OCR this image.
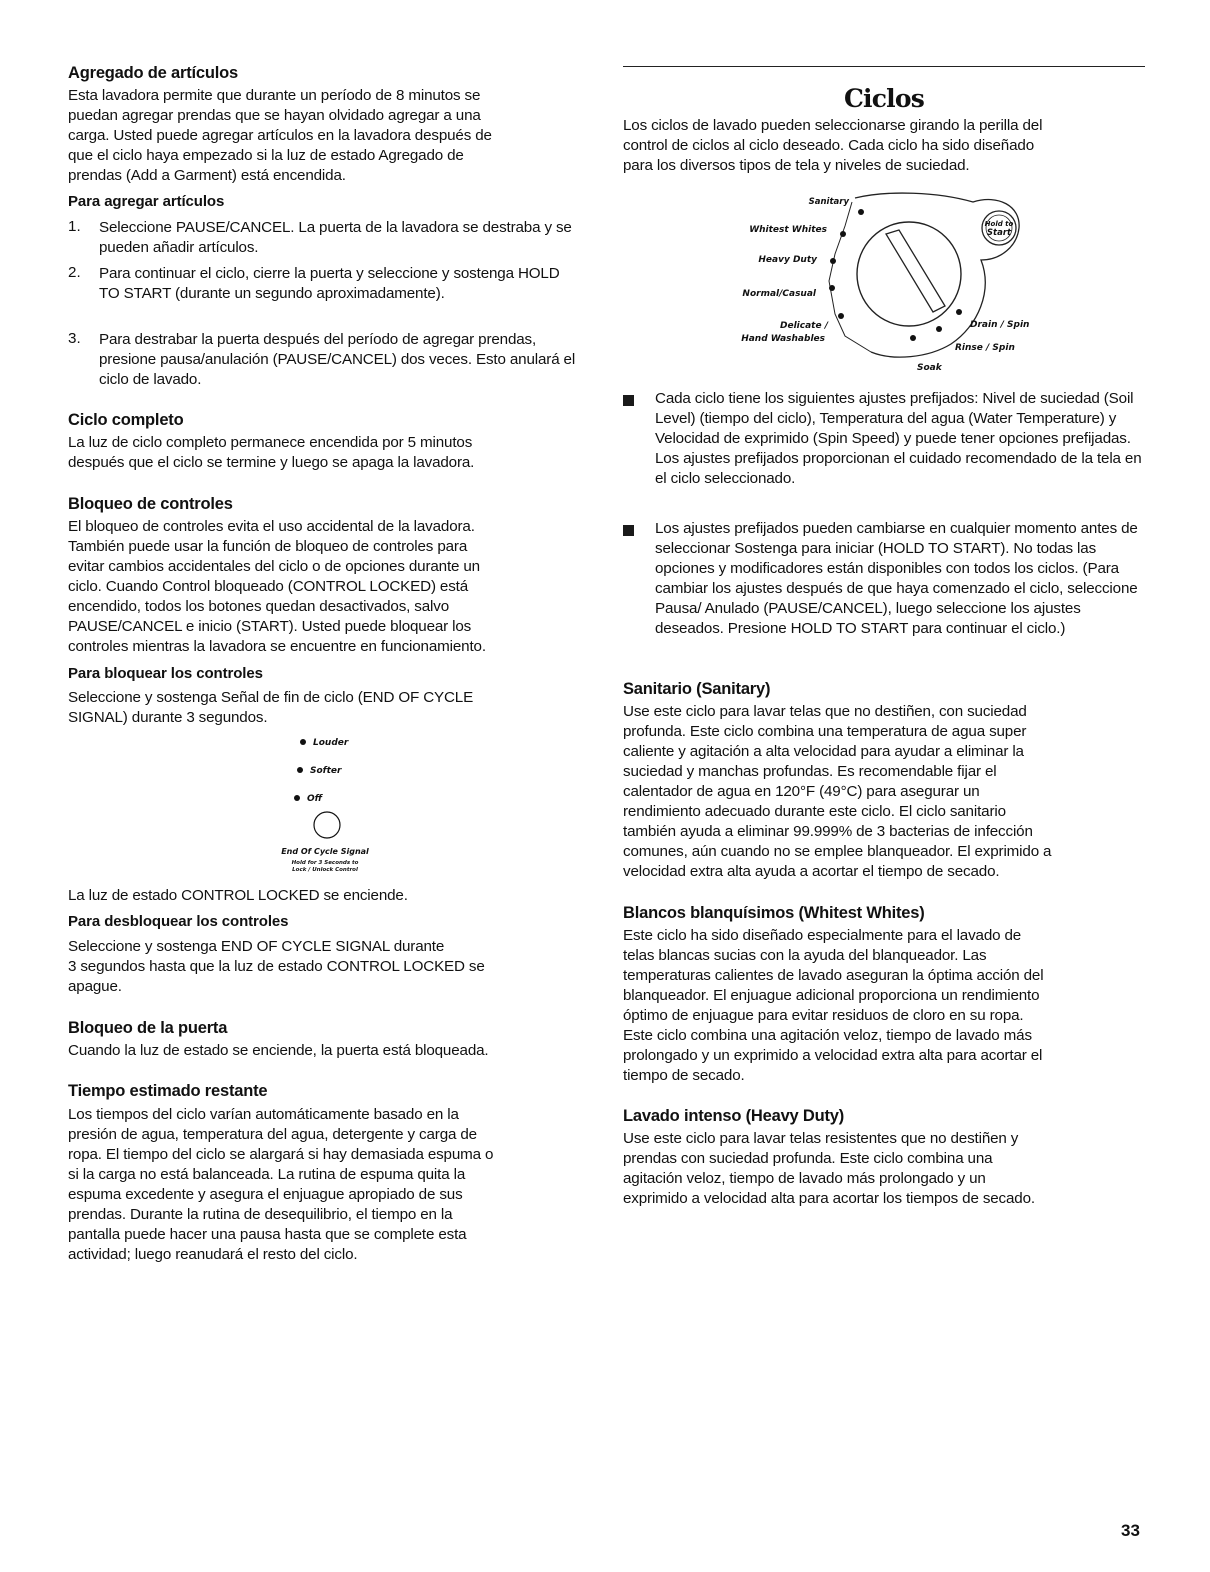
Agregado de artículos
Esta lavadora permite que durante un período de 8 minutos se
puedan agregar prendas que se hayan olvidado agregar a una
carga. Usted puede agregar artículos en la lavadora después de
que el ciclo haya empezado si la luz de estado Agregado de
prendas (Add a Garment) está encendida.
Para agregar artículos
1. Seleccione PAUSE/CANCEL. La puerta de la lavadora se destraba y se pueden añadir artículos.
2. Para continuar el ciclo, cierre la puerta y seleccione y sostenga HOLD TO START (durante un segundo aproximadamente).
3. Para destrabar la puerta después del período de agregar prendas, presione pausa/anulación (PAUSE/CANCEL) dos veces. Esto anulará el ciclo de lavado.
Ciclo completo
La luz de ciclo completo permanece encendida por 5 minutos
después que el ciclo se termine y luego se apaga la lavadora.
Bloqueo de controles
El bloqueo de controles evita el uso accidental de la lavadora.
También puede usar la función de bloqueo de controles para
evitar cambios accidentales del ciclo o de opciones durante un
ciclo. Cuando Control bloqueado (CONTROL LOCKED) está
encendido, todos los botones quedan desactivados, salvo
PAUSE/CANCEL e inicio (START). Usted puede bloquear los
controles mientras la lavadora se encuentre en funcionamiento.
Para bloquear los controles
Seleccione y sostenga Señal de fin de ciclo (END OF CYCLE
SIGNAL) durante 3 segundos.
Louder
Softer
Off
End Of Cycle Signal
Hold for 3 Seconds to
Lock / Unlock Control
La luz de estado CONTROL LOCKED se enciende.
Para desbloquear los controles
Seleccione y sostenga END OF CYCLE SIGNAL durante
3 segundos hasta que la luz de estado CONTROL LOCKED se
apague.
Bloqueo de la puerta
Cuando la luz de estado se enciende, la puerta está bloqueada.
Tiempo estimado restante
Los tiempos del ciclo varían automáticamente basado en la
presión de agua, temperatura del agua, detergente y carga de
ropa. El tiempo del ciclo se alargará si hay demasiada espuma o
si la carga no está balanceada. La rutina de espuma quita la
espuma excedente y asegura el enjuague apropiado de sus
prendas. Durante la rutina de desequilibrio, el tiempo en la
pantalla puede hacer una pausa hasta que se complete esta
actividad; luego reanudará el resto del ciclo.
Ciclos
Los ciclos de lavado pueden seleccionarse girando la perilla del
control de ciclos al ciclo deseado. Cada ciclo ha sido diseñado
para los diversos tipos de tela y niveles de suciedad.
Hold to
Start
Sanitary
Whitest Whites
Heavy Duty
Normal/Casual
Delicate /
Hand Washables
Drain / Spin
Rinse / Spin
Soak
Cada ciclo tiene los siguientes ajustes prefijados: Nivel de suciedad (Soil Level) (tiempo del ciclo), Temperatura del agua (Water Temperature) y Velocidad de exprimido (Spin Speed) y puede tener opciones prefijadas. Los ajustes prefijados proporcionan el cuidado recomendado de la tela en el ciclo seleccionado.
Los ajustes prefijados pueden cambiarse en cualquier momento antes de seleccionar Sostenga para iniciar (HOLD TO START). No todas las opciones y modificadores están disponibles con todos los ciclos. (Para cambiar los ajustes después de que haya comenzado el ciclo, seleccione Pausa/ Anulado (PAUSE/CANCEL), luego seleccione los ajustes deseados. Presione HOLD TO START para continuar el ciclo.)
Sanitario (Sanitary)
Use este ciclo para lavar telas que no destiñen, con suciedad
profunda. Este ciclo combina una temperatura de agua super
caliente y agitación a alta velocidad para ayudar a eliminar la
suciedad y manchas profundas. Es recomendable fijar el
calentador de agua en 120°F (49°C) para asegurar un
rendimiento adecuado durante este ciclo. El ciclo sanitario
también ayuda a eliminar 99.999% de 3 bacterias de infección
comunes, aún cuando no se emplee blanqueador. El exprimido a
velocidad extra alta ayuda a acortar el tiempo de secado.
Blancos blanquísimos (Whitest Whites)
Este ciclo ha sido diseñado especialmente para el lavado de
telas blancas sucias con la ayuda del blanqueador. Las
temperaturas calientes de lavado aseguran la óptima acción del
blanqueador. El enjuague adicional proporciona un rendimiento
óptimo de enjuague para evitar residuos de cloro en su ropa.
Este ciclo combina una agitación veloz, tiempo de lavado más
prolongado y un exprimido a velocidad extra alta para acortar el
tiempo de secado.
Lavado intenso (Heavy Duty)
Use este ciclo para lavar telas resistentes que no destiñen y
prendas con suciedad profunda. Este ciclo combina una
agitación veloz, tiempo de lavado más prolongado y un
exprimido a velocidad alta para acortar los tiempos de secado.
33
